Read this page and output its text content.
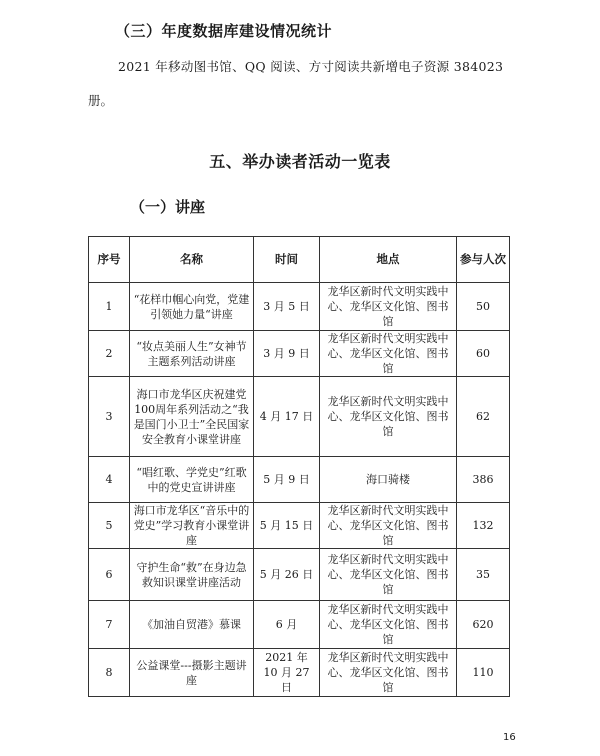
（三）年度数据库建设情况统计
2021 年移动图书馆、QQ 阅读、方寸阅读共新增电子资源 384023
册。
五、举办读者活动一览表
（一）讲座
序号	名称	时间	地点	参与人次
1	“花样巾帼心向党，党建引领她力量“讲座	3 月 5 日	龙华区新时代文明实践中心、龙华区文化馆、图书馆	50
2	“妆点美丽人生”女神节主题系列活动讲座	3 月 9 日	龙华区新时代文明实践中心、龙华区文化馆、图书馆	60
3	海口市龙华区庆祝建党100周年系列活动之“我是国门小卫士”全民国家安全教育小课堂讲座	4 月 17 日	龙华区新时代文明实践中心、龙华区文化馆、图书馆	62
4	“唱红歌、学党史”红歌中的党史宣讲讲座	5 月 9 日	海口骑楼	386
5	海口市龙华区“音乐中的党史”学习教育小课堂讲座	5 月 15 日	龙华区新时代文明实践中心、龙华区文化馆、图书馆	132
6	守护生命“救”在身边急救知识课堂讲座活动	5 月 26 日	龙华区新时代文明实践中心、龙华区文化馆、图书馆	35
7	《加油自贸港》慕课	6 月	龙华区新时代文明实践中心、龙华区文化馆、图书馆	620
8	公益课堂---摄影主题讲座	2021 年 10 月 27 日	龙华区新时代文明实践中心、龙华区文化馆、图书馆	110
16
